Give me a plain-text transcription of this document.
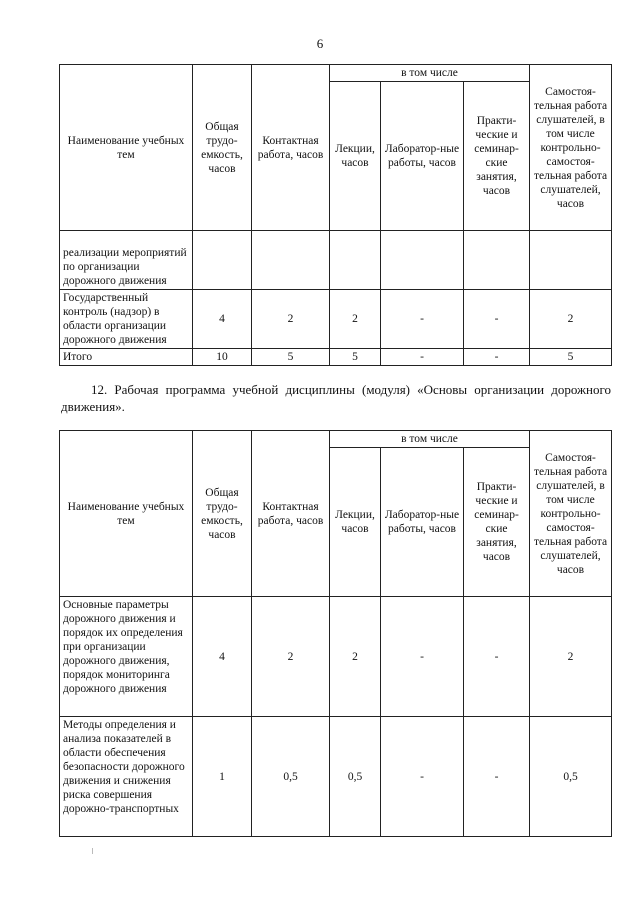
6
Наименование учебных тем	Общая трудо-емкость, часов	Контактная работа, часов	в том числе			Самостоя-тельная работа слушателей, в том числе контрольно-самостоя-тельная работа слушателей, часов
			Лекции, часов	Лаборатор-ные работы, часов	Практи-ческие и семинар-ские занятия, часов	
реализации мероприятий по организации дорожного движения						
Государственный контроль (надзор) в области организации дорожного движения	4	2	2	-	-	2
Итого	10	5	5	-	-	5
12. Рабочая программа учебной дисциплины (модуля) «Основы организации дорожного движения».
Наименование учебных тем	Общая трудо-емкость, часов	Контактная работа, часов	в том числе			Самостоя-тельная работа слушателей, в том числе контрольно-самостоя-тельная работа слушателей, часов
			Лекции, часов	Лаборатор-ные работы, часов	Практи-ческие и семинар-ские занятия, часов	
Основные параметры дорожного движения и порядок их определения при организации дорожного движения, порядок мониторинга дорожного движения	4	2	2	-	-	2
Методы определения и анализа показателей в области обеспечения безопасности дорожного движения и снижения риска совершения дорожно-транспортных	1	0,5	0,5	-	-	0,5
